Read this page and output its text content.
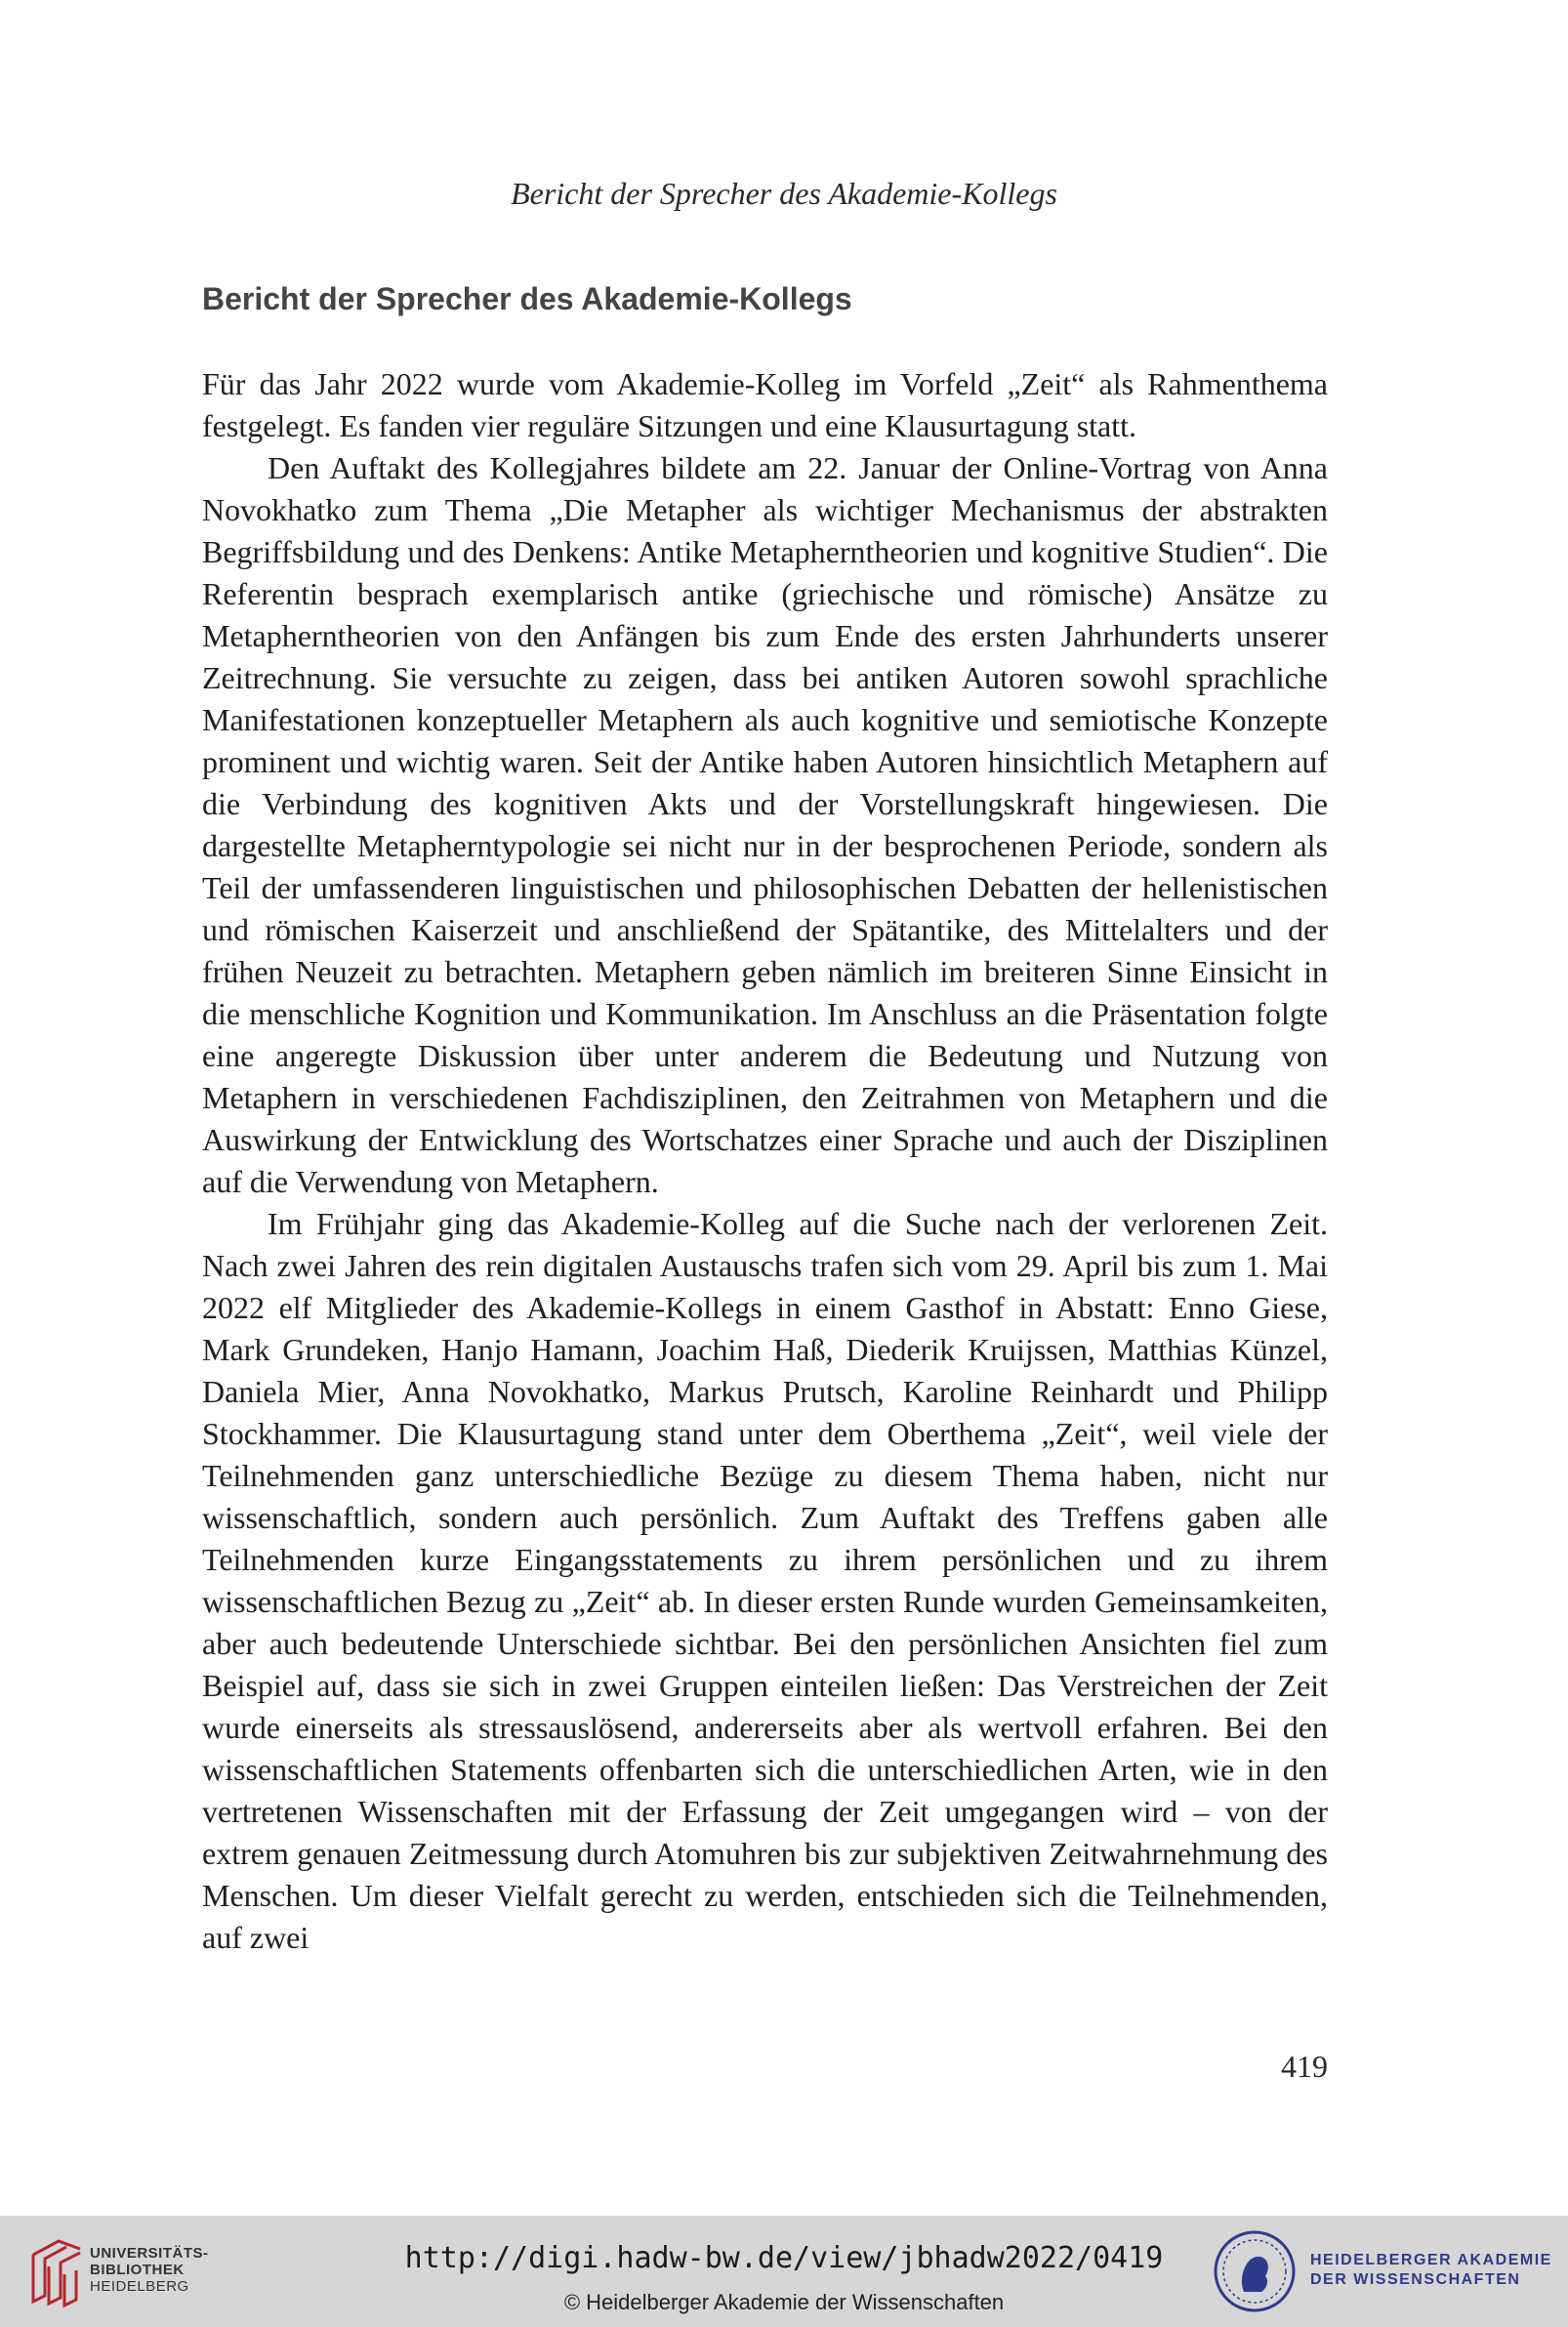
Bericht der Sprecher des Akademie-Kollegs
Bericht der Sprecher des Akademie-Kollegs

Für das Jahr 2022 wurde vom Akademie-Kolleg im Vorfeld „Zeit“ als Rahmenthema festgelegt. Es fanden vier reguläre Sitzungen und eine Klausurtagung statt.

Den Auftakt des Kollegjahres bildete am 22. Januar der Online-Vortrag von Anna Novokhatko zum Thema „Die Metapher als wichtiger Mechanismus der abstrakten Begriffsbildung und des Denkens: Antike Metapherntheorien und kognitive Studien“. Die Referentin besprach exemplarisch antike (griechische und römische) Ansätze zu Metapherntheorien von den Anfängen bis zum Ende des ersten Jahrhunderts unserer Zeitrechnung. Sie versuchte zu zeigen, dass bei antiken Autoren sowohl sprachliche Manifestationen konzeptueller Metaphern als auch kognitive und semiotische Konzepte prominent und wichtig waren. Seit der Antike haben Autoren hinsichtlich Metaphern auf die Verbindung des kognitiven Akts und der Vorstellungskraft hingewiesen. Die dargestellte Metapherntypologie sei nicht nur in der besprochenen Periode, sondern als Teil der umfassenderen linguistischen und philosophischen Debatten der hellenistischen und römischen Kaiserzeit und anschließend der Spätantike, des Mittelalters und der frühen Neuzeit zu betrachten. Metaphern geben nämlich im breiteren Sinne Einsicht in die menschliche Kognition und Kommunikation. Im Anschluss an die Präsentation folgte eine angeregte Diskussion über unter anderem die Bedeutung und Nutzung von Metaphern in verschiedenen Fachdisziplinen, den Zeitrahmen von Metaphern und die Auswirkung der Entwicklung des Wortschatzes einer Sprache und auch der Disziplinen auf die Verwendung von Metaphern.

Im Frühjahr ging das Akademie-Kolleg auf die Suche nach der verlorenen Zeit. Nach zwei Jahren des rein digitalen Austauschs trafen sich vom 29. April bis zum 1. Mai 2022 elf Mitglieder des Akademie-Kollegs in einem Gasthof in Abstatt: Enno Giese, Mark Grundeken, Hanjo Hamann, Joachim Haß, Diederik Kruijssen, Matthias Künzel, Daniela Mier, Anna Novokhatko, Markus Prutsch, Karoline Reinhardt und Philipp Stockhammer. Die Klausurtagung stand unter dem Oberthema „Zeit“, weil viele der Teilnehmenden ganz unterschiedliche Bezüge zu diesem Thema haben, nicht nur wissenschaftlich, sondern auch persönlich. Zum Auftakt des Treffens gaben alle Teilnehmenden kurze Eingangsstatements zu ihrem persönlichen und zu ihrem wissenschaftlichen Bezug zu „Zeit“ ab. In dieser ersten Runde wurden Gemeinsamkeiten, aber auch bedeutende Unterschiede sichtbar. Bei den persönlichen Ansichten fiel zum Beispiel auf, dass sie sich in zwei Gruppen einteilen ließen: Das Verstreichen der Zeit wurde einerseits als stressauslösend, andererseits aber als wertvoll erfahren. Bei den wissenschaftlichen Statements offenbarten sich die unterschiedlichen Arten, wie in den vertretenen Wissenschaften mit der Erfassung der Zeit umgegangen wird – von der extrem genauen Zeitmessung durch Atomuhren bis zur subjektiven Zeitwahrnehmung des Menschen. Um dieser Vielfalt gerecht zu werden, entschieden sich die Teilnehmenden, auf zwei

419
UNIVERSITÄTS-
BIBLIOTHEK
HEIDELBERG
http://digi.hadw-bw.de/view/jbhadw2022/0419
© Heidelberger Akademie der Wissenschaften
HEIDELBERGER AKADEMIE
DER WISSENSCHAFTEN
